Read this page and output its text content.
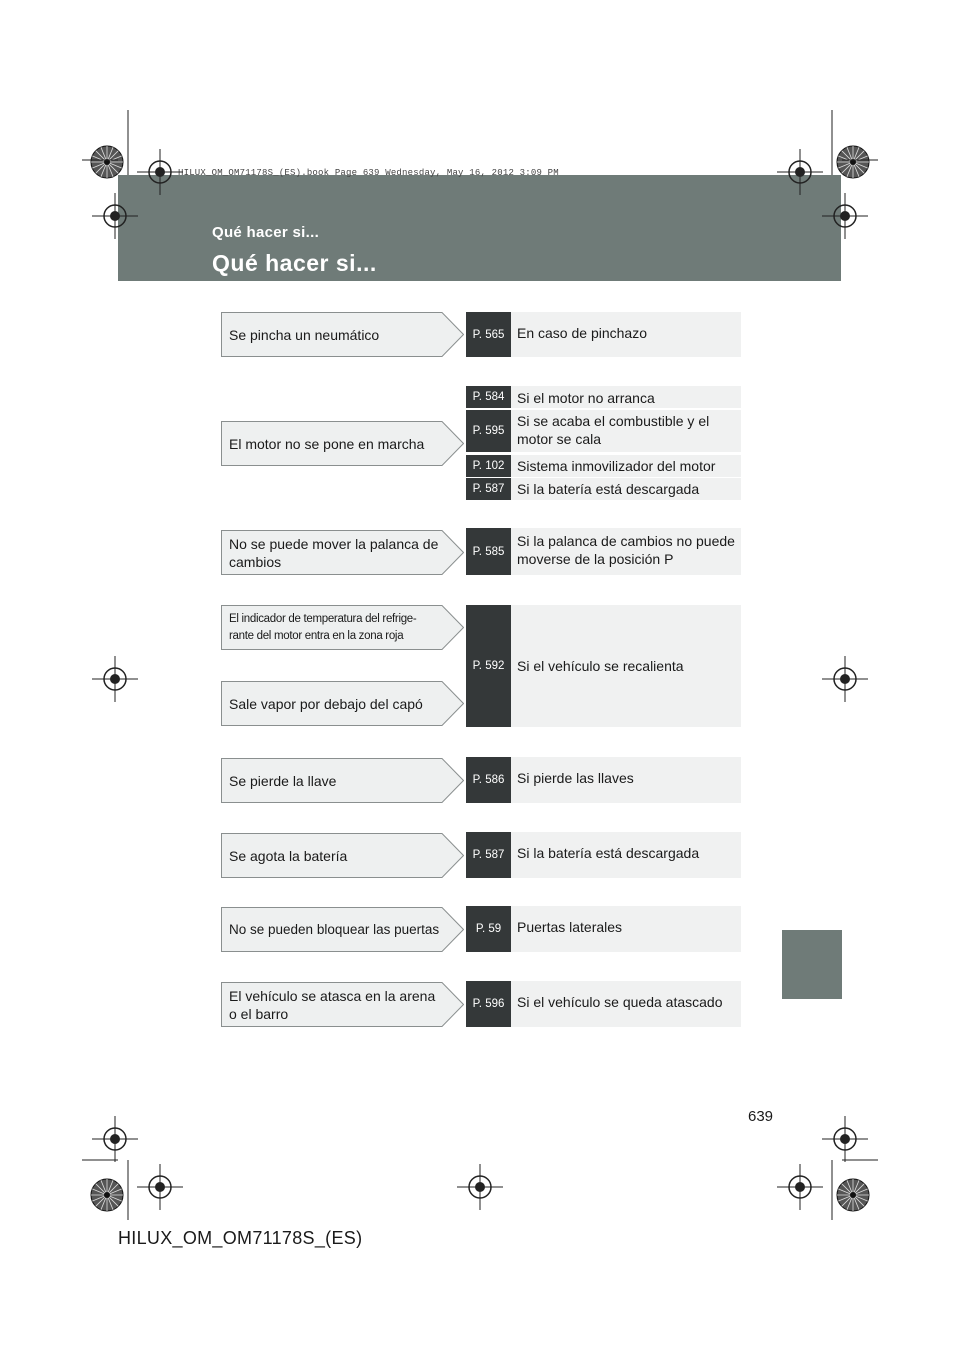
HILUX_OM_OM71178S_(ES).book Page 639 Wednesday, May 16, 2012 3:09 PM
Qué hacer si...
Qué hacer si...
Se pincha un neumático
El motor no se pone en marcha
No se puede mover la palanca de cambios
El indicador de temperatura del refrige-rante del motor entra en la zona roja
Sale vapor por debajo del capó
Se pierde la llave
Se agota la batería
No se pueden bloquear las puertas
El vehículo se atasca en la arena o el barro
P. 565
P. 584
P. 595
P. 102
P. 587
P. 585
P. 592
P. 586
P. 587
P. 59
P. 596
En caso de pinchazo
Si el motor no arranca
Si se acaba el combustible y el motor se cala
Sistema inmovilizador del motor
Si la batería está descargada
Si la palanca de cambios no puede moverse de la posición P
Si el vehículo se recalienta
Si pierde las llaves
Si la batería está descargada
Puertas laterales
Si el vehículo se queda atascado
639
HILUX_OM_OM71178S_(ES)
